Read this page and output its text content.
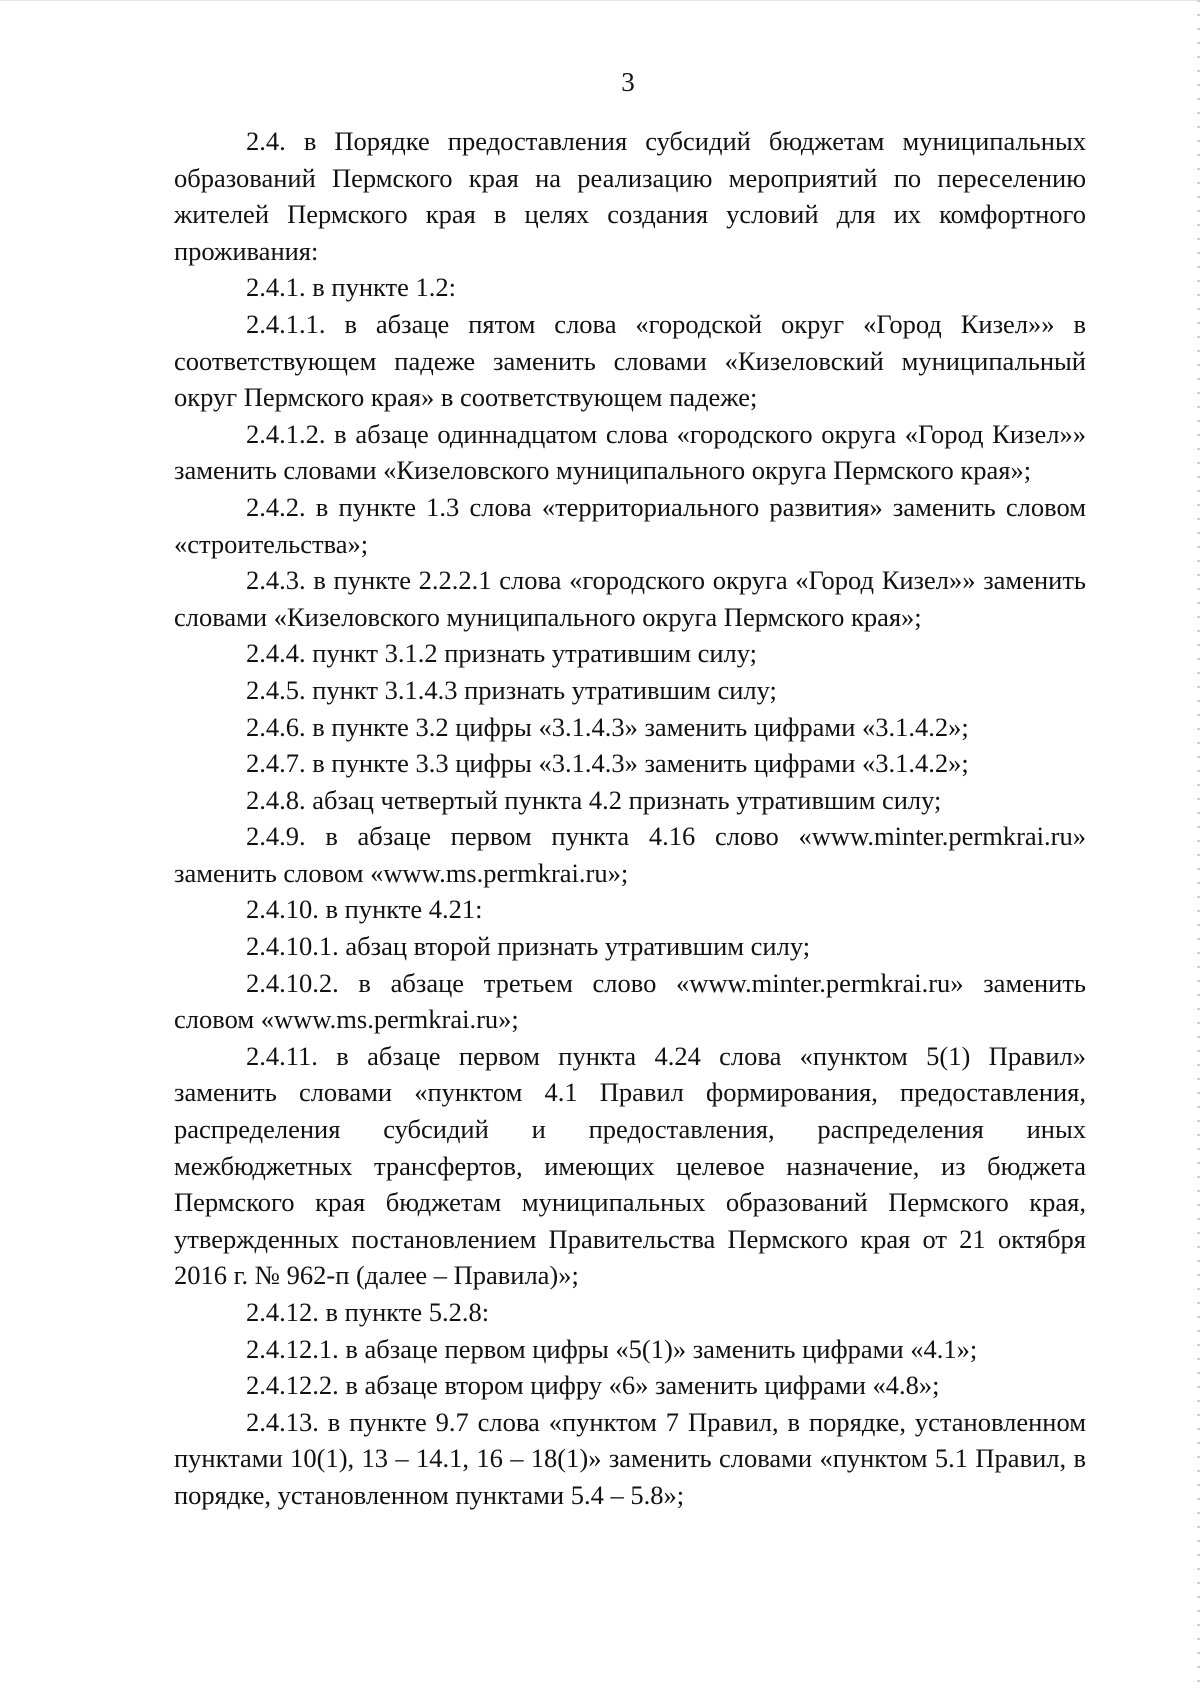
3

2.4. в Порядке предоставления субсидий бюджетам муниципальных образований Пермского края на реализацию мероприятий по переселению жителей Пермского края в целях создания условий для их комфортного проживания:

2.4.1. в пункте 1.2:

2.4.1.1. в абзаце пятом слова «городской округ «Город Кизел»» в соответствующем падеже заменить словами «Кизеловский муниципальный округ Пермского края» в соответствующем падеже;

2.4.1.2. в абзаце одиннадцатом слова «городского округа «Город Кизел»» заменить словами «Кизеловского муниципального округа Пермского края»;

2.4.2. в пункте 1.3 слова «территориального развития» заменить словом «строительства»;

2.4.3. в пункте 2.2.2.1 слова «городского округа «Город Кизел»» заменить словами «Кизеловского муниципального округа Пермского края»;

2.4.4. пункт 3.1.2 признать утратившим силу;

2.4.5. пункт 3.1.4.3 признать утратившим силу;

2.4.6. в пункте 3.2 цифры «3.1.4.3» заменить цифрами «3.1.4.2»;

2.4.7. в пункте 3.3 цифры «3.1.4.3» заменить цифрами «3.1.4.2»;

2.4.8. абзац четвертый пункта 4.2 признать утратившим силу;

2.4.9. в абзаце первом пункта 4.16 слово «www.minter.permkrai.ru» заменить словом «www.ms.permkrai.ru»;

2.4.10. в пункте 4.21:

2.4.10.1. абзац второй признать утратившим силу;

2.4.10.2. в абзаце третьем слово «www.minter.permkrai.ru» заменить словом «www.ms.permkrai.ru»;

2.4.11. в абзаце первом пункта 4.24 слова «пунктом 5(1) Правил» заменить словами «пунктом 4.1 Правил формирования, предоставления, распределения субсидий и предоставления, распределения иных межбюджетных трансфертов, имеющих целевое назначение, из бюджета Пермского края бюджетам муниципальных образований Пермского края, утвержденных постановлением Правительства Пермского края от 21 октября 2016 г. № 962-п (далее – Правила)»;

2.4.12. в пункте 5.2.8:

2.4.12.1. в абзаце первом цифры «5(1)» заменить цифрами «4.1»;

2.4.12.2. в абзаце втором цифру «6» заменить цифрами «4.8»;

2.4.13. в пункте 9.7 слова «пунктом 7 Правил, в порядке, установленном пунктами 10(1), 13 – 14.1, 16 – 18(1)» заменить словами «пунктом 5.1 Правил, в порядке, установленном пунктами 5.4 – 5.8»;
